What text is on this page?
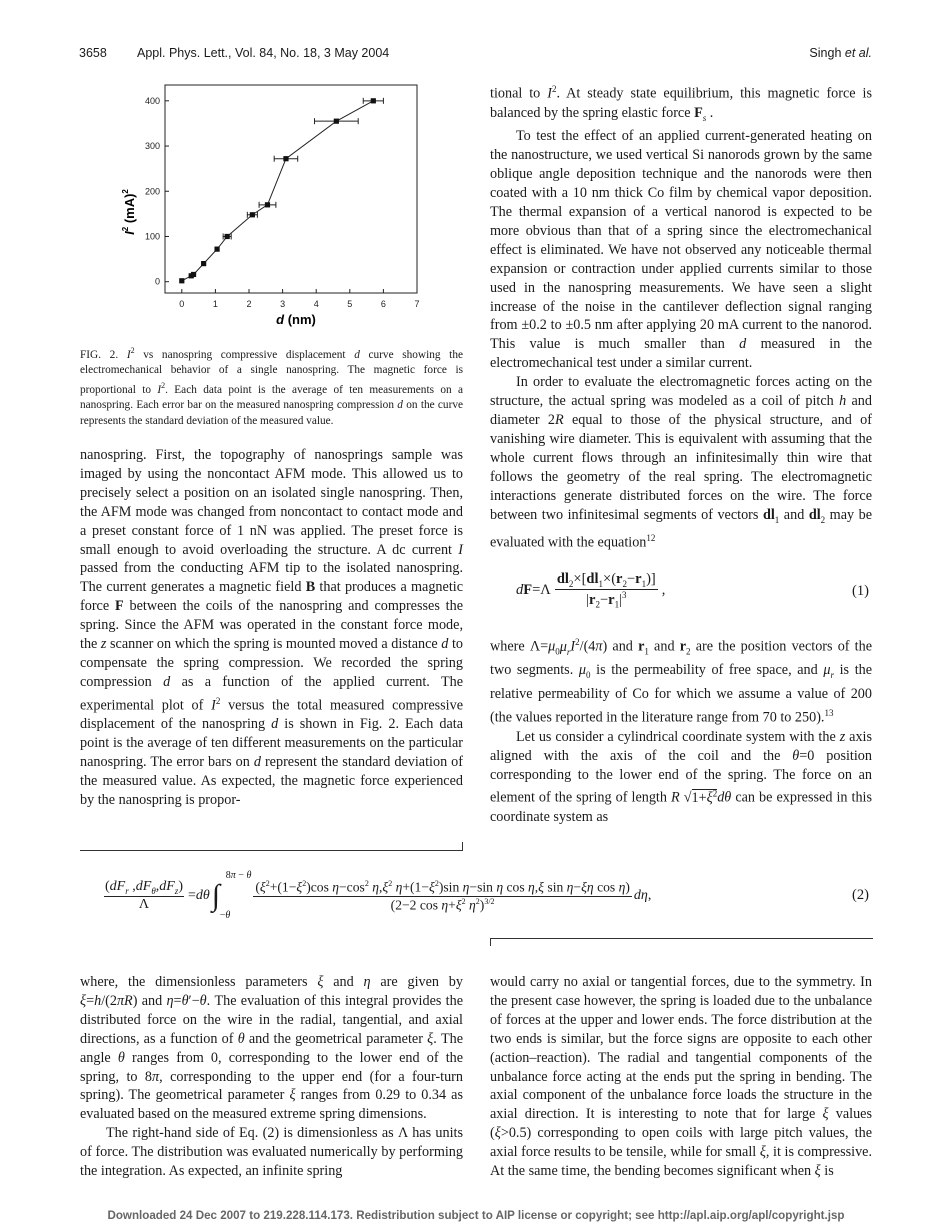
3658 Appl. Phys. Lett., Vol. 84, No. 18, 3 May 2004	Singh et al.
0	1	2	3	4	5	6	7
0
100
200
300
400
d (nm)
$I^2$ (mA)$^2$
FIG. 2. $I^2$ vs nanospring compressive displacement d curve showing the electromechanical behavior of a single nanospring. The magnetic force is proportional to $I^2$. Each data point is the average of ten measurements on a nanospring. Each error bar on the measured nanospring compression d on the curve represents the standard deviation of the measured value.

nanospring. First, the topography of nanosprings sample was imaged by using the noncontact AFM mode. This allowed us to precisely select a position on an isolated single nanospring. Then, the AFM mode was changed from noncontact to contact mode and a preset constant force of 1 nN was applied. The preset force is small enough to avoid overloading the structure. A dc current I passed from the conducting AFM tip to the isolated nanospring. The current generates a magnetic field B that produces a magnetic force F between the coils of the nanospring and compresses the spring. Since the AFM was operated in the constant force mode, the z scanner on which the spring is mounted moved a distance d to compensate the spring compression. We recorded the spring compression d as a function of the applied current. The experimental plot of $I^2$ versus the total measured compressive displacement of the nanospring d is shown in Fig. 2. Each data point is the average of ten different measurements on the particular nanospring. The error bars on d represent the standard deviation of the measured value. As expected, the magnetic force experienced by the nanospring is propor-

tional to $I^2$. At steady state equilibrium, this magnetic force is balanced by the spring elastic force $F_s$ .

To test the effect of an applied current-generated heating on the nanostructure, we used vertical Si nanorods grown by the same oblique angle deposition technique and the nanorods were then coated with a 10 nm thick Co film by chemical vapor deposition. The thermal expansion of a vertical nanorod is expected to be more obvious than that of a spring since the electromechanical effect is eliminated. We have not observed any noticeable thermal expansion or contraction under applied currents similar to those used in the nanospring measurements. We have seen a slight increase of the noise in the cantilever deflection signal ranging from ±0.2 to ±0.5 nm after applying 20 mA current to the nanorod. This value is much smaller than d measured in the electromechanical test under a similar current.

In order to evaluate the electromagnetic forces acting on the structure, the actual spring was modeled as a coil of pitch h and diameter 2R equal to those of the physical structure, and of vanishing wire diameter. This is equivalent with assuming that the whole current flows through an infinitesimally thin wire that follows the geometry of the real spring. The electromagnetic interactions generate distributed forces on the wire. The force between two infinitesimal segments of vectors $dl_1$ and $dl_2$ may be evaluated with the equation$^{12}$

dF=Λ
$dl_2\times[dl_1\times(r_2-r_1)]$
$|r_2-r_1|^3$ ,	(1)

where $\Lambda=\mu_0\mu_rI^2/(4\pi)$ and $r_1$ and $r_2$ are the position vectors of the two segments. $\mu_0$ is the permeability of free space, and $\mu_r$ is the relative permeability of Co for which we assume a value of 200 (the values reported in the literature range from 70 to 250).$^{13}$

Let us consider a cylindrical coordinate system with the z axis aligned with the axis of the coil and the θ=0 position corresponding to the lower end of the spring. The force on an element of the spring of length R $√1+\xi^2d\theta$ can be expressed in this coordinate system as

($dF_r$ $,dF_\theta,dF_z$)
Λ
=dθ
8π − θ
∫
−θ
($\xi^2+(1-\xi^2)\cos$ $\eta-\cos^2$ $\eta,\xi^2$ $\eta+(1-\xi^2)\sin$ η−sin η cos η,ξ sin η−ξη cos η)
(2−2 $\cos \eta+\xi^2$ $\eta^2)^{3/2}$	dη,	(2)

where, the dimensionless parameters ξ and η are given by ξ=h/(2πR) and η=θ′−θ. The evaluation of this integral provides the distributed force on the wire in the radial, tangential, and axial directions, as a function of θ and the geometrical parameter ξ. The angle θ ranges from 0, corresponding to the lower end of the spring, to 8π, corresponding to the upper end (for a four-turn spring). The geometrical parameter ξ ranges from 0.29 to 0.34 as evaluated based on the measured extreme spring dimensions.

The right-hand side of Eq. (2) is dimensionless as Λ has units of force. The distribution was evaluated numerically by performing the integration. As expected, an infinite spring

would carry no axial or tangential forces, due to the symmetry. In the present case however, the spring is loaded due to the unbalance of forces at the upper and lower ends. The force distribution at the two ends is similar, but the force signs are opposite to each other (action–reaction). The radial and tangential components of the unbalance force acting at the ends put the spring in bending. The axial component of the unbalance force loads the structure in the axial direction. It is interesting to note that for large ξ values (ξ>0.5) corresponding to open coils with large pitch values, the axial force results to be tensile, while for small ξ, it is compressive. At the same time, the bending becomes significant when ξ is

Downloaded 24 Dec 2007 to 219.228.114.173. Redistribution subject to AIP license or copyright; see http://apl.aip.org/apl/copyright.jsp
